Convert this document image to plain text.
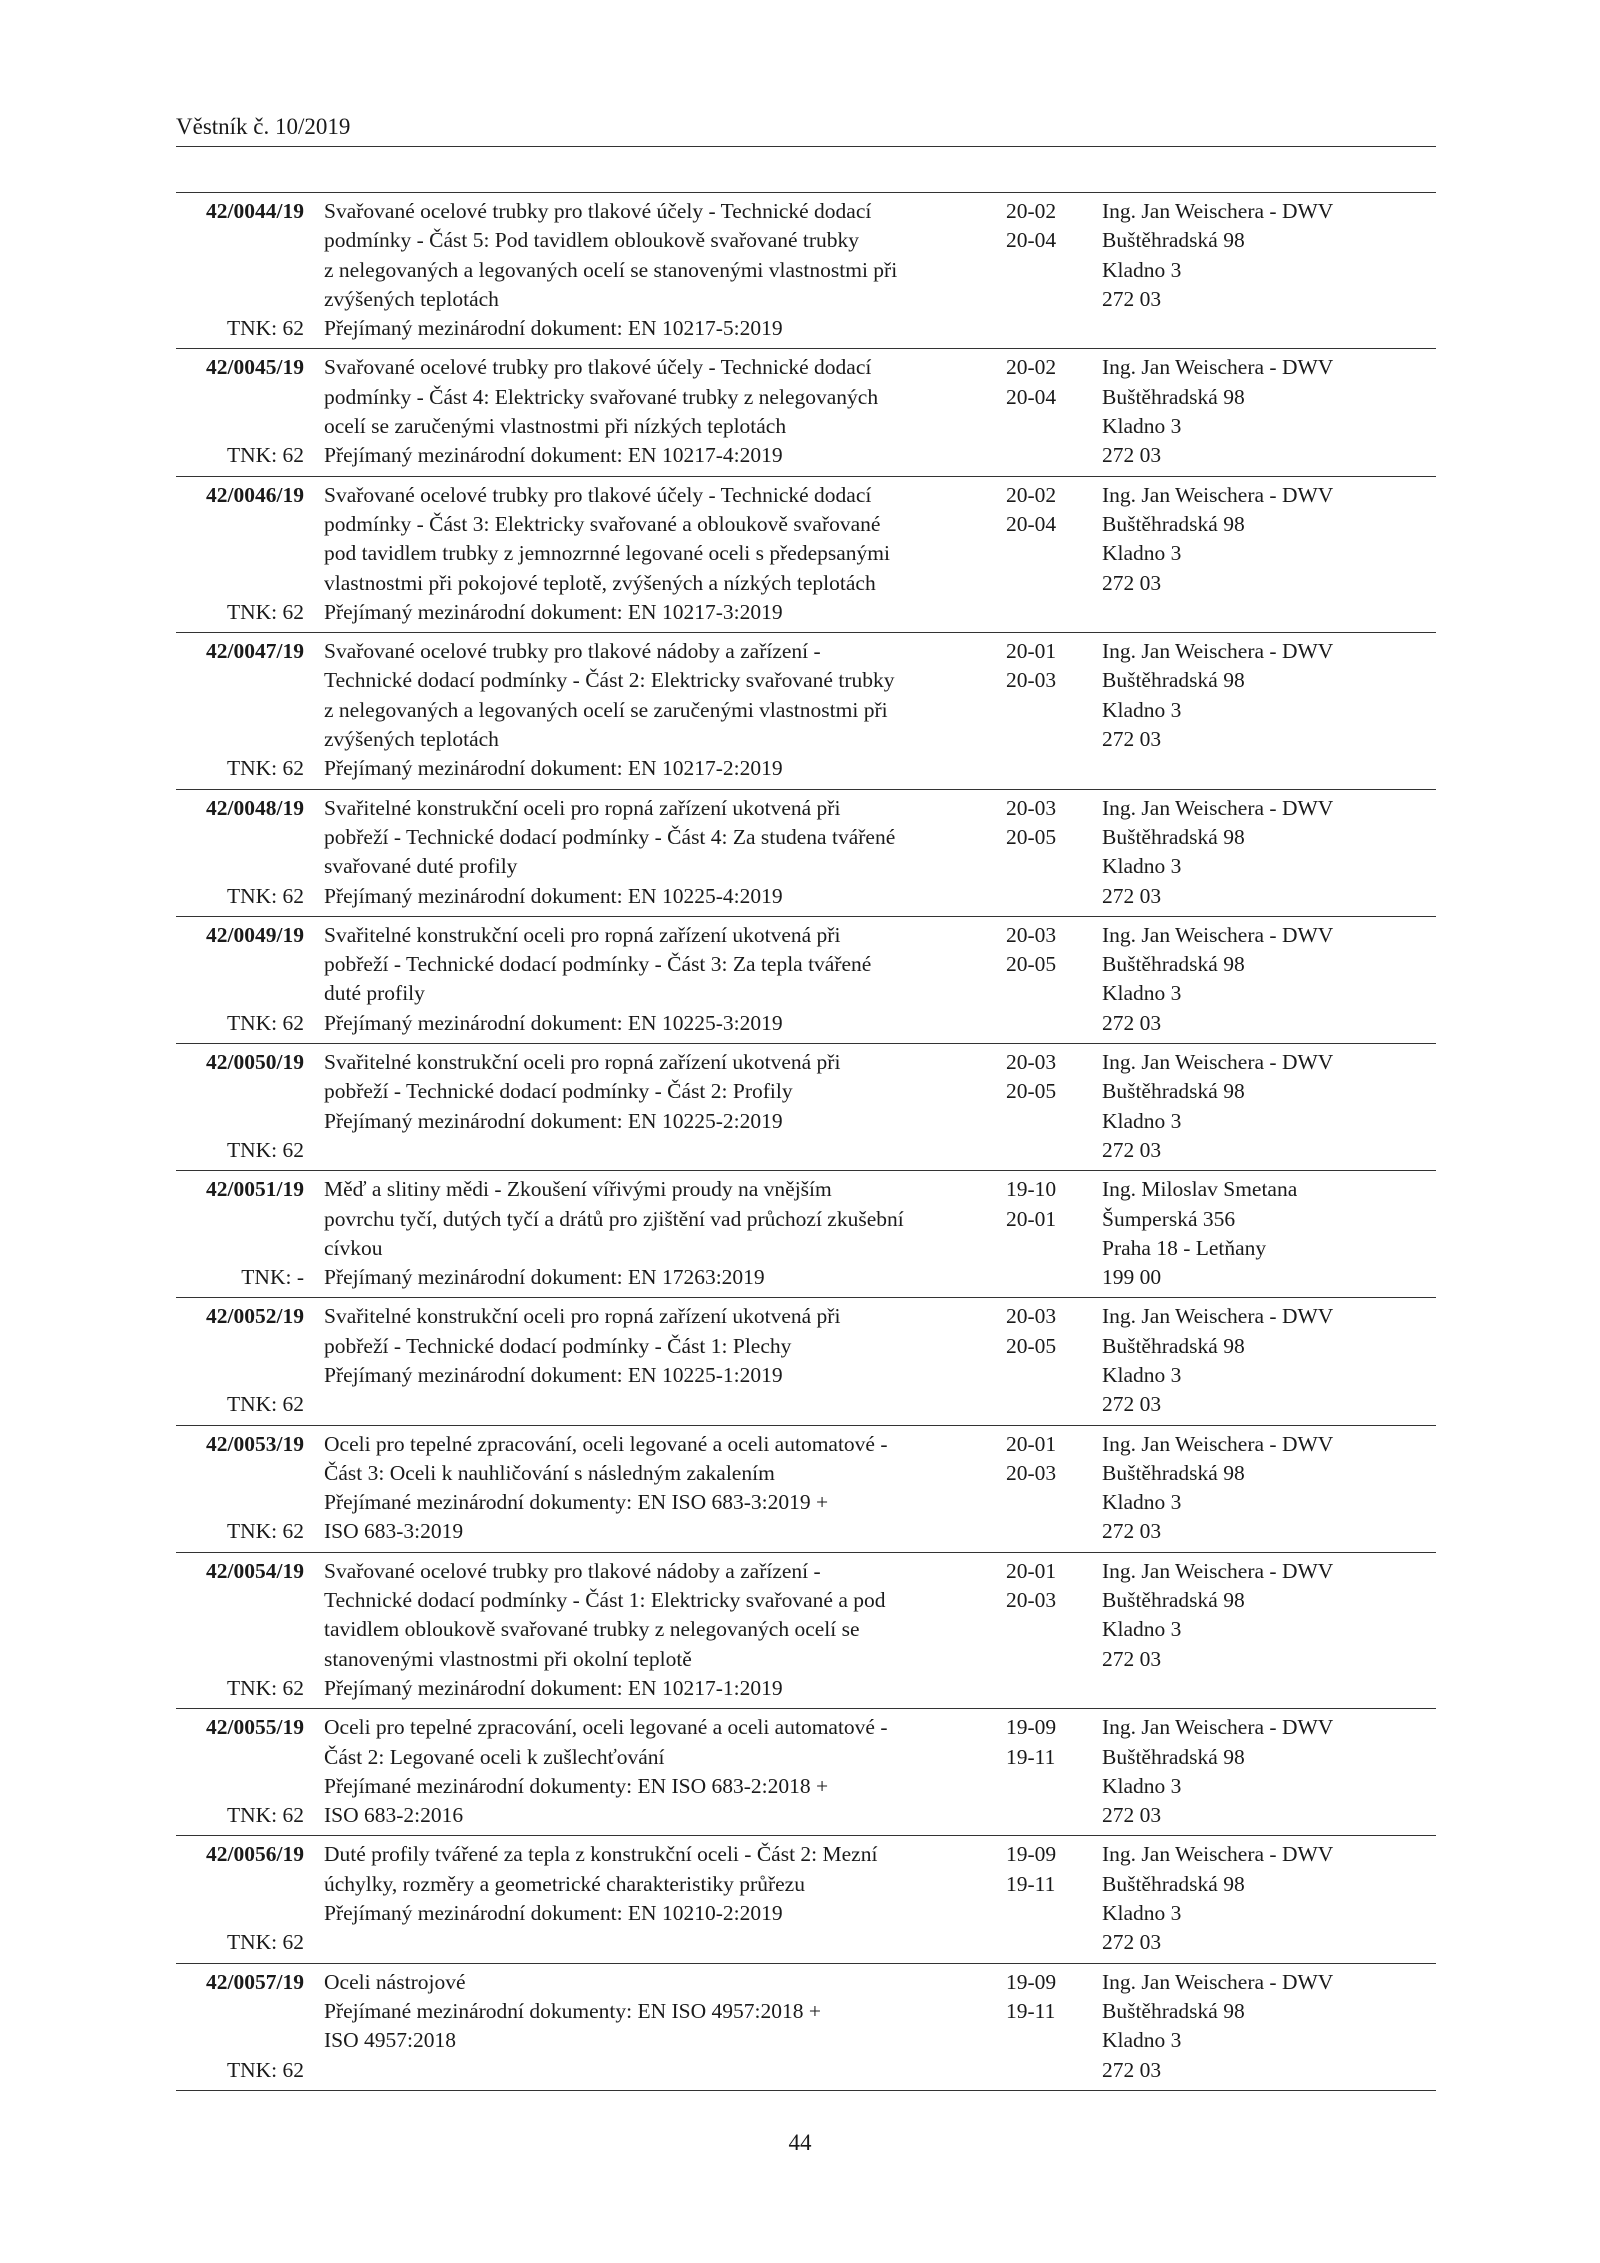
Věstník č. 10/2019
42/0044/19
TNK: 62
Svařované ocelové trubky pro tlakové účely - Technické dodací
podmínky - Část 5: Pod tavidlem obloukově svařované trubky
z nelegovaných a legovaných ocelí se stanovenými vlastnostmi při
zvýšených teplotách
Přejímaný mezinárodní dokument: EN 10217-5:2019
20-02
20-04
Ing. Jan Weischera - DWV
Buštěhradská 98
Kladno 3
272 03
42/0045/19
TNK: 62
Svařované ocelové trubky pro tlakové účely - Technické dodací
podmínky - Část 4: Elektricky svařované trubky z nelegovaných
ocelí se zaručenými vlastnostmi při nízkých teplotách
Přejímaný mezinárodní dokument: EN 10217-4:2019
20-02
20-04
Ing. Jan Weischera - DWV
Buštěhradská 98
Kladno 3
272 03
42/0046/19
TNK: 62
Svařované ocelové trubky pro tlakové účely - Technické dodací
podmínky - Část 3: Elektricky svařované a obloukově svařované
pod tavidlem trubky z jemnozrnné legované oceli s předepsanými
vlastnostmi při pokojové teplotě, zvýšených a nízkých teplotách
Přejímaný mezinárodní dokument: EN 10217-3:2019
20-02
20-04
Ing. Jan Weischera - DWV
Buštěhradská 98
Kladno 3
272 03
42/0047/19
TNK: 62
Svařované ocelové trubky pro tlakové nádoby a zařízení -
Technické dodací podmínky - Část 2: Elektricky svařované trubky
z nelegovaných a legovaných ocelí se zaručenými vlastnostmi při
zvýšených teplotách
Přejímaný mezinárodní dokument: EN 10217-2:2019
20-01
20-03
Ing. Jan Weischera - DWV
Buštěhradská 98
Kladno 3
272 03
42/0048/19
TNK: 62
Svařitelné konstrukční oceli pro ropná zařízení ukotvená při
pobřeží - Technické dodací podmínky - Část 4: Za studena tvářené
svařované duté profily
Přejímaný mezinárodní dokument: EN 10225-4:2019
20-03
20-05
Ing. Jan Weischera - DWV
Buštěhradská 98
Kladno 3
272 03
42/0049/19
TNK: 62
Svařitelné konstrukční oceli pro ropná zařízení ukotvená při
pobřeží - Technické dodací podmínky - Část 3: Za tepla tvářené
duté profily
Přejímaný mezinárodní dokument: EN 10225-3:2019
20-03
20-05
Ing. Jan Weischera - DWV
Buštěhradská 98
Kladno 3
272 03
42/0050/19
TNK: 62
Svařitelné konstrukční oceli pro ropná zařízení ukotvená při
pobřeží - Technické dodací podmínky - Část 2: Profily
Přejímaný mezinárodní dokument: EN 10225-2:2019
20-03
20-05
Ing. Jan Weischera - DWV
Buštěhradská 98
Kladno 3
272 03
42/0051/19
TNK: -
Měď a slitiny mědi - Zkoušení vířivými proudy na vnějším
povrchu tyčí, dutých tyčí a drátů pro zjištění vad průchozí zkušební
cívkou
Přejímaný mezinárodní dokument: EN 17263:2019
19-10
20-01
Ing. Miloslav Smetana
Šumperská 356
Praha 18 - Letňany
199 00
42/0052/19
TNK: 62
Svařitelné konstrukční oceli pro ropná zařízení ukotvená při
pobřeží - Technické dodací podmínky - Část 1: Plechy
Přejímaný mezinárodní dokument: EN 10225-1:2019
20-03
20-05
Ing. Jan Weischera - DWV
Buštěhradská 98
Kladno 3
272 03
42/0053/19
TNK: 62
Oceli pro tepelné zpracování, oceli legované a oceli automatové -
Část 3: Oceli k nauhličování s následným zakalením
Přejímané mezinárodní dokumenty: EN ISO 683-3:2019 +
ISO 683-3:2019
20-01
20-03
Ing. Jan Weischera - DWV
Buštěhradská 98
Kladno 3
272 03
42/0054/19
TNK: 62
Svařované ocelové trubky pro tlakové nádoby a zařízení -
Technické dodací podmínky - Část 1: Elektricky svařované a pod
tavidlem obloukově svařované trubky z nelegovaných ocelí se
stanovenými vlastnostmi při okolní teplotě
Přejímaný mezinárodní dokument: EN 10217-1:2019
20-01
20-03
Ing. Jan Weischera - DWV
Buštěhradská 98
Kladno 3
272 03
42/0055/19
TNK: 62
Oceli pro tepelné zpracování, oceli legované a oceli automatové -
Část 2: Legované oceli k zušlechťování
Přejímané mezinárodní dokumenty: EN ISO 683-2:2018 +
ISO 683-2:2016
19-09
19-11
Ing. Jan Weischera - DWV
Buštěhradská 98
Kladno 3
272 03
42/0056/19
TNK: 62
Duté profily tvářené za tepla z konstrukční oceli - Část 2: Mezní
úchylky, rozměry a geometrické charakteristiky průřezu
Přejímaný mezinárodní dokument: EN 10210-2:2019
19-09
19-11
Ing. Jan Weischera - DWV
Buštěhradská 98
Kladno 3
272 03
42/0057/19
TNK: 62
Oceli nástrojové
Přejímané mezinárodní dokumenty: EN ISO 4957:2018 +
ISO 4957:2018
19-09
19-11
Ing. Jan Weischera - DWV
Buštěhradská 98
Kladno 3
272 03
44
